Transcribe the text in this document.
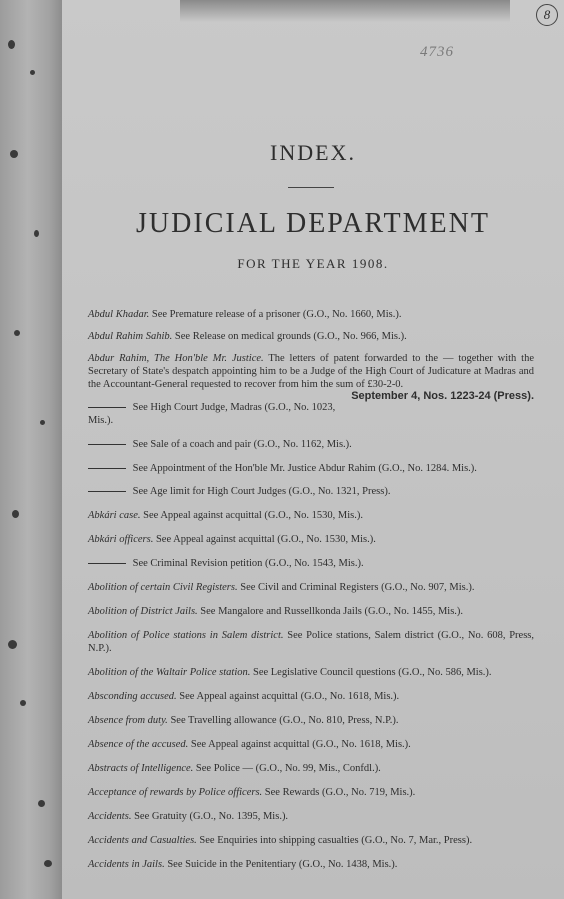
8
4736
INDEX.
JUDICIAL DEPARTMENT
FOR THE YEAR 1908.

Abdul Khadar. See Premature release of a prisoner (G.O., No. 1660, Mis.).

Abdul Rahim Sahib. See Release on medical grounds (G.O., No. 966, Mis.).

Abdur Rahim, The Hon'ble Mr. Justice. The letters of patent forwarded to the — together with the Secretary of State's despatch appointing him to be a Judge of the High Court of Judicature at Madras and the Accountant-General requested to recover from him the sum of £30-2-0.
September 4, Nos. 1223-24 (Press).

See High Court Judge, Madras (G.O., No. 1023, Mis.).

See Sale of a coach and pair (G.O., No. 1162, Mis.).

See Appointment of the Hon'ble Mr. Justice Abdur Rahim (G.O., No. 1284. Mis.).

See Age limit for High Court Judges (G.O., No. 1321, Press).

Abkári case. See Appeal against acquittal (G.O., No. 1530, Mis.).

Abkári officers. See Appeal against acquittal (G.O., No. 1530, Mis.).

See Criminal Revision petition (G.O., No. 1543, Mis.).

Abolition of certain Civil Registers. See Civil and Criminal Registers (G.O., No. 907, Mis.).

Abolition of District Jails. See Mangalore and Russellkonda Jails (G.O., No. 1455, Mis.).

Abolition of Police stations in Salem district. See Police stations, Salem district (G.O., No. 608, Press, N.P.).

Abolition of the Waltair Police station. See Legislative Council questions (G.O., No. 586, Mis.).

Absconding accused. See Appeal against acquittal (G.O., No. 1618, Mis.).

Absence from duty. See Travelling allowance (G.O., No. 810, Press, N.P.).

Absence of the accused. See Appeal against acquittal (G.O., No. 1618, Mis.).

Abstracts of Intelligence. See Police — (G.O., No. 99, Mis., Confdl.).

Acceptance of rewards by Police officers. See Rewards (G.O., No. 719, Mis.).

Accidents. See Gratuity (G.O., No. 1395, Mis.).

Accidents and Casualties. See Enquiries into shipping casualties (G.O., No. 7, Mar., Press).

Accidents in Jails. See Suicide in the Penitentiary (G.O., No. 1438, Mis.).
